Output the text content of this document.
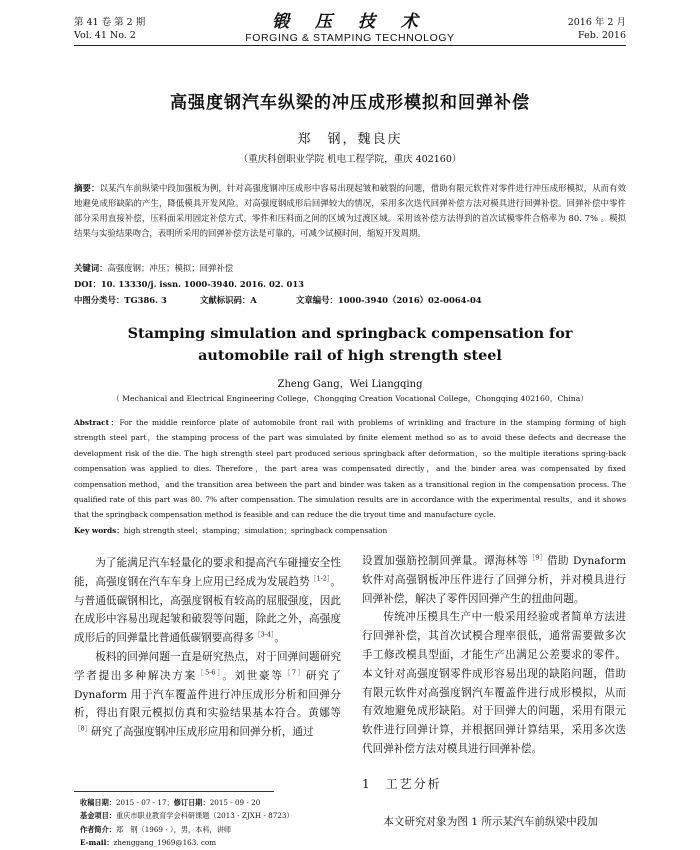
第 41 卷 第 2 期
Vol. 41 No. 2
锻 压 技 术
FORGING & STAMPING TECHNOLOGY
2016 年 2 月
Feb. 2016
高强度钢汽车纵梁的冲压成形模拟和回弹补偿
郑　钢，魏良庆
（重庆科创职业学院 机电工程学院，重庆 402160）
摘要：以某汽车前纵梁中段加强板为例，针对高强度钢冲压成形中容易出现起皱和破裂的问题，借助有限元软件对零件进行冲压成形模拟，从而有效地避免成形缺陷的产生，降低模具开发风险。对高强度钢成形后回弹较大的情况，采用多次迭代回弹补偿方法对模具进行回弹补偿。回弹补偿中零件部分采用直接补偿，压料面采用固定补偿方式，零件和压料面之间的区域为过渡区域。采用该补偿方法得到的首次试模零件合格率为 80. 7% 。模拟结果与实验结果吻合，表明所采用的回弹补偿方法是可靠的，可减少试模时间，缩短开发周期。
关键词：高强度钢；冲压；模拟；回弹补偿
DOI：10. 13330/j. issn. 1000-3940. 2016. 02. 013
中图分类号：TG386. 3	文献标识码：A	文章编号：1000-3940（2016）02-0064-04
Stamping simulation and springback compensation for automobile rail of high strength steel
Zheng Gang，Wei Liangqing
（ Mechanical and Electrical Engineering College，Chongqing Creation Vocational College，Chongqing 402160，China）
Abstract：For the middle reinforce plate of automobile front rail with problems of wrinkling and fracture in the stamping forming of high strength steel part，the stamping process of the part was simulated by finite element method so as to avoid these defects and decrease the development risk of the die. The high strength steel part produced serious springback after deformation，so the multiple iterations spring-back compensation was applied to dies. Therefore，the part area was compensated directly，and the binder area was compensated by fixed compensation method，and the transition area between the part and binder was taken as a transitional region in the compensation process. The qualified rate of this part was 80. 7% after compensation. The simulation results are in accordance with the experimental results，and it shows that the springback compensation method is feasible and can reduce the die tryout time and manufacture cycle.
Key words：high strength steel；stamping；simulation；springback compensation

为了能满足汽车轻量化的要求和提高汽车碰撞安全性能，高强度钢在汽车车身上应用已经成为发展趋势$^{[1-2]}$。与普通低碳钢相比，高强度钢板有较高的屈服强度，因此在成形中容易出现起皱和破裂等问题，除此之外，高强度成形后的回弹量比普通低碳钢要高得多$^{[3-4]}$。

板料的回弹问题一直是研究热点，对于回弹问题研究学者提出多种解决方案$^{[5-6]}$。刘世豪等$^{[7]}$研究了 Dynaform 用于汽车覆盖件进行冲压成形分析和回弹分析，得出有限元模拟仿真和实验结果基本符合。黄娜等$^{[8]}$研究了高强度钢冲压成形应用和回弹分析，通过

设置加强筋控制回弹量。谭海林等$^{[9]}$借助 Dynaform 软件对高强钢板冲压件进行了回弹分析，并对模具进行回弹补偿，解决了零件因回弹产生的扭曲问题。

传统冲压模具生产中一般采用经验或者简单方法进行回弹补偿，其首次试模合理率很低，通常需要做多次手工修改模具型面，才能生产出满足公差要求的零件。本文针对高强度钢零件成形容易出现的缺陷问题，借助有限元软件对高强度钢汽车覆盖件进行成形模拟，从而有效地避免成形缺陷。对于回弹大的问题，采用有限元软件进行回弹计算，并根据回弹计算结果，采用多次迭代回弹补偿方法对模具进行回弹补偿。

1 工艺分析
本文研究对象为图 1 所示某汽车前纵梁中段加
收稿日期：2015 - 07 - 17；修订日期：2015 - 09 - 20
基金项目：重庆市职业教育学会科研课题（2013 - ZJXH - 8723）
作者简介：郑　钢（1969 - ），男，本科，讲师
E-mail：zhenggang_1969@163. com
